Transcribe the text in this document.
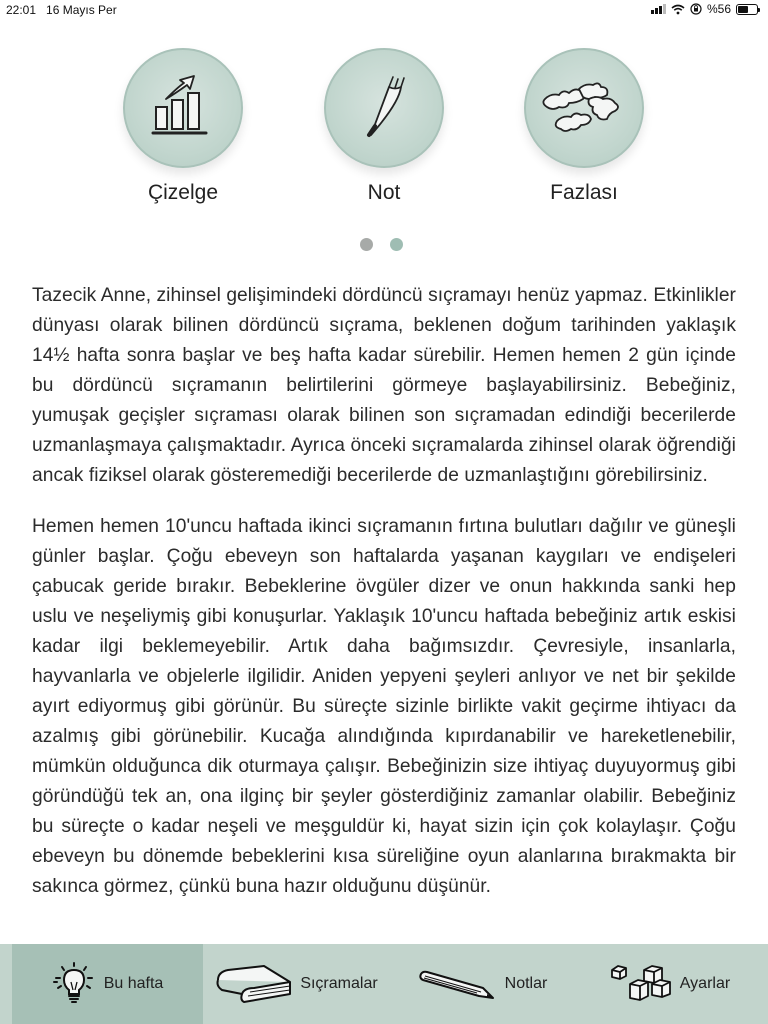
22:01 16 Mayıs Per	%56
Çizelge	Not	Fazlası

Tazecik Anne, zihinsel gelişimindeki dördüncü sıçramayı henüz yapmaz. Etkinlikler dünyası olarak bilinen dördüncü sıçrama, beklenen doğum tarihinden yaklaşık 14½ hafta sonra başlar ve beş hafta kadar sürebilir. Hemen hemen 2 gün içinde bu dördüncü sıçramanın belirtilerini görmeye başlayabilirsiniz. Bebeğiniz, yumuşak geçişler sıçraması olarak bilinen son sıçramadan edindiği becerilerde uzmanlaşmaya çalışmaktadır. Ayrıca önceki sıçramalarda zihinsel olarak öğrendiği ancak fiziksel olarak gösteremediği becerilerde de uzmanlaştığını görebilirsiniz.

Hemen hemen 10'uncu haftada ikinci sıçramanın fırtına bulutları dağılır ve güneşli günler başlar. Çoğu ebeveyn son haftalarda yaşanan kaygıları ve endişeleri çabucak geride bırakır. Bebeklerine övgüler dizer ve onun hakkında sanki hep uslu ve neşeliymiş gibi konuşurlar. Yaklaşık 10'uncu haftada bebeğiniz artık eskisi kadar ilgi beklemeyebilir. Artık daha bağımsızdır. Çevresiyle, insanlarla, hayvanlarla ve objelerle ilgilidir. Aniden yepyeni şeyleri anlıyor ve net bir şekilde ayırt ediyormuş gibi görünür. Bu süreçte sizinle birlikte vakit geçirme ihtiyacı da azalmış gibi görünebilir. Kucağa alındığında kıpırdanabilir ve hareketlenebilir, mümkün olduğunca dik oturmaya çalışır. Bebeğinizin size ihtiyaç duyuyormuş gibi göründüğü tek an, ona ilginç bir şeyler gösterdiğiniz zamanlar olabilir. Bebeğiniz bu süreçte o kadar neşeli ve meşguldür ki, hayat sizin için çok kolaylaşır. Çoğu ebeveyn bu dönemde bebeklerini kısa süreliğine oyun alanlarına bırakmakta bir sakınca görmez, çünkü buna hazır olduğunu düşünür.

Bu hafta	Sıçramalar	Notlar	Ayarlar
